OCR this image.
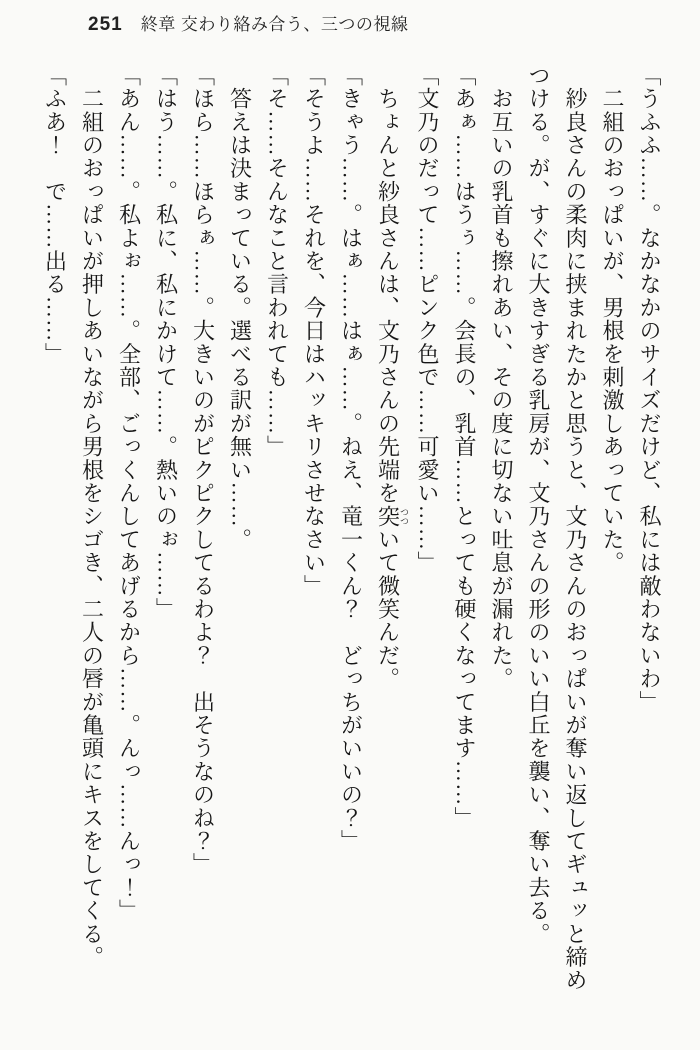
251 終章 交わり絡み合う、三つの視線

「うふふ……。なかなかのサイズだけど、私には敵わないわ」

　二組のおっぱいが、男根を刺激しあっていた。

　紗良さんの柔肉に挟まれたかと思うと、文乃さんのおっぱいが奪い返してギュッと締め

つける。が、すぐに大きすぎる乳房が、文乃さんの形のいい白丘を襲い、奪い去る。

　お互いの乳首も擦れあい、その度に切ない吐息が漏れた。

「あぁ……はうぅ……。会長の、乳首……とっても硬くなってます……」

「文乃のだって……ピンク色で……可愛い……」

　ちょんと紗良さんは、文乃さんの先端を突つついて微笑んだ。

「きゃう……。はぁ……はぁ……。ねえ、竜一くん？　どっちがいいの？」

「そうよ……それを、今日はハッキリさせなさい」

「そ……そんなこと言われても……」

　答えは決まっている。選べる訳が無い……。

「ほら……ほらぁ……。大きいのがピクピクしてるわよ？　出そうなのね？」

「はう……。私に、私にかけて……。熱いのぉ……」

「あん……。私よぉ……。全部、ごっくんしてあげるから……。んっ……んっ！」

　二組のおっぱいが押しあいながら男根をシゴき、二人の唇が亀頭にキスをしてくる。

「ふあ！　で……出る……」
